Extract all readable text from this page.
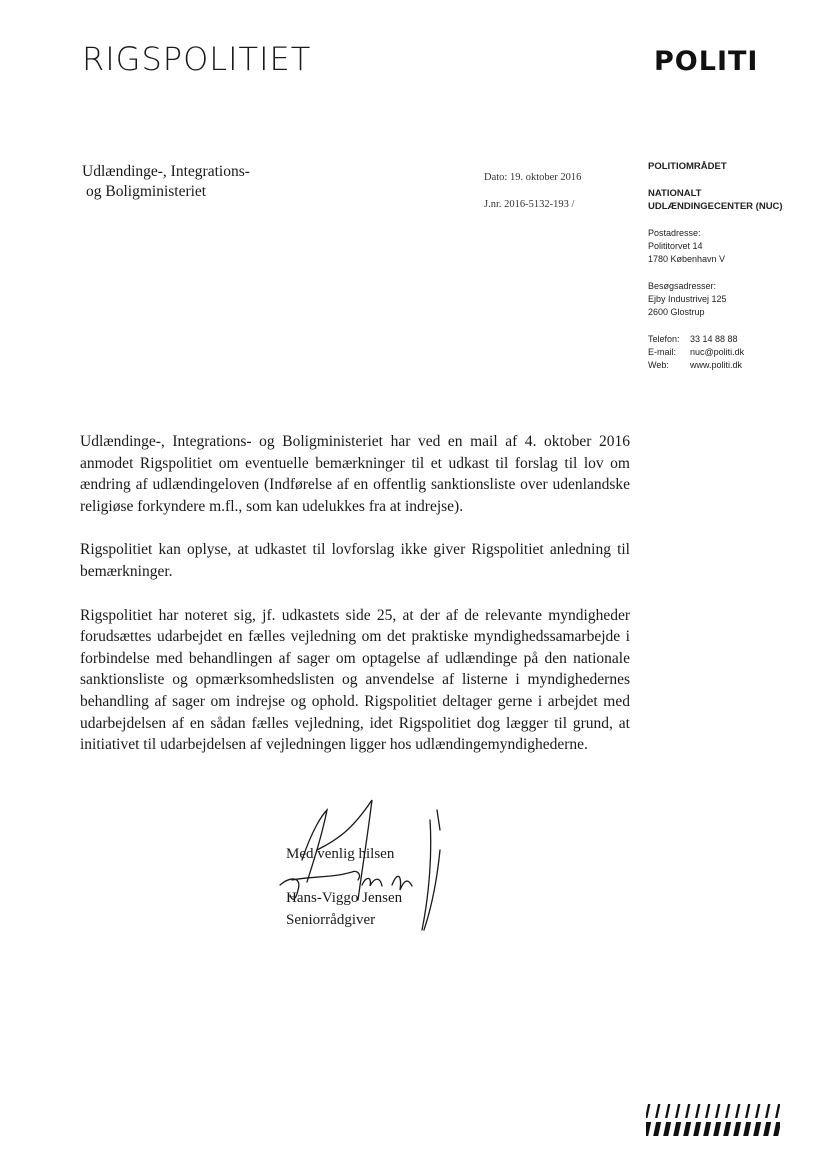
RIGSPOLITIET	POLITI
Udlændinge-, Integrations-
og Boligministeriet
Dato: 19. oktober 2016
J.nr. 2016-5132-193 /
POLITIOMRÅDET
NATIONALT
UDLÆNDINGECENTER (NUC)
Postadresse:
Polititorvet 14
1780 København V
Besøgsadresser:
Ejby Industrivej 125
2600 Glostrup
Telefon:	33 14 88 88
E-mail:	nuc@politi.dk
Web:	www.politi.dk

Udlændinge-, Integrations- og Boligministeriet har ved en mail af 4. oktober 2016 anmodet Rigspolitiet om eventuelle bemærkninger til et udkast til forslag til lov om ændring af udlændingeloven (Indførelse af en offentlig sanktionsliste over udenlandske religiøse forkyndere m.fl., som kan udelukkes fra at indrejse).

Rigspolitiet kan oplyse, at udkastet til lovforslag ikke giver Rigspolitiet anledning til bemærkninger.

Rigspolitiet har noteret sig, jf. udkastets side 25, at der af de relevante myndigheder forudsættes udarbejdet en fælles vejledning om det praktiske myndighedssamarbejde i forbindelse med behandlingen af sager om optagelse af udlændinge på den nationale sanktionsliste og opmærksomhedslisten og anvendelse af listerne i myndighedernes behandling af sager om indrejse og ophold. Rigspolitiet deltager gerne i arbejdet med udarbejdelsen af en sådan fælles vejledning, idet Rigspolitiet dog lægger til grund, at initiativet til udarbejdelsen af vejledningen ligger hos udlændingemyndighederne.

Med venlig hilsen
Hans-Viggo Jensen
Seniorrådgiver
